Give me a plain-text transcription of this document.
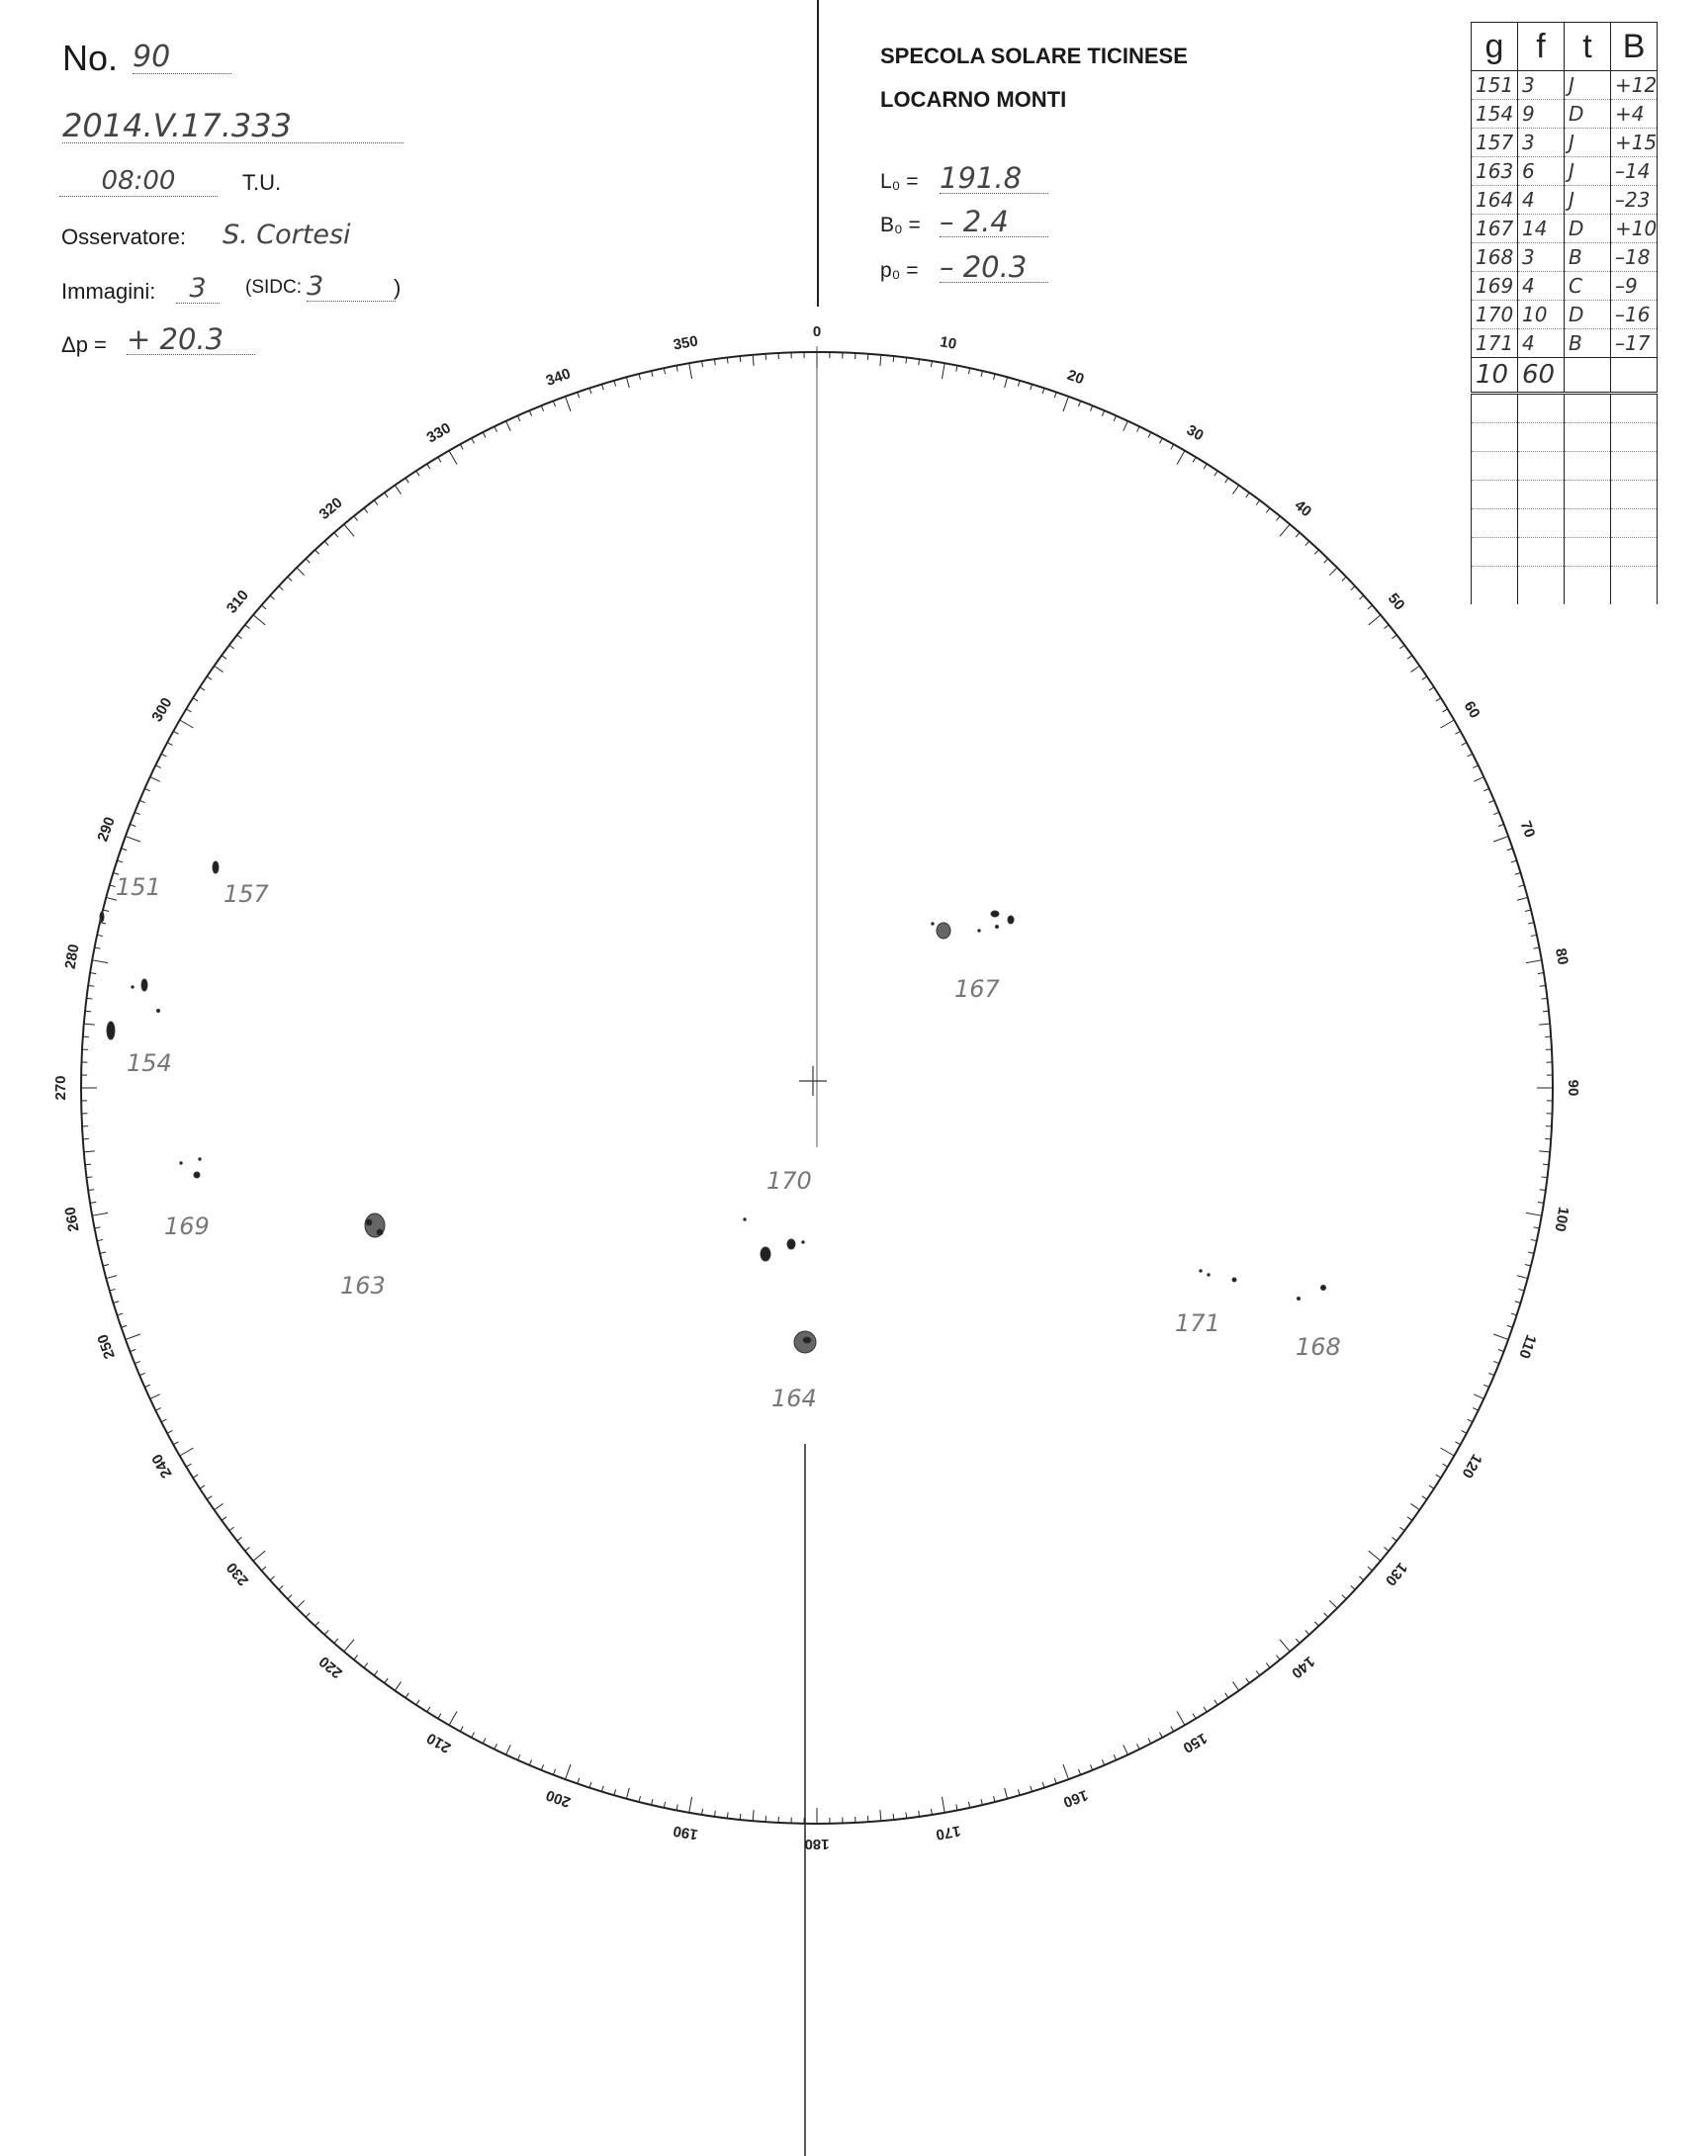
No. 90
2014.V.17.333
08:00	T.U.
Osservatore: S. Cortesi
Immagini:	3	(SIDC: 3	)
Δp = + 20.3
SPECOLA SOLARE TICINESE
LOCARNO MONTI
L₀ = 191.8
B₀ = – 2.4
p₀ = – 20.3
g	f	t	B
151	3	J	+12
154	9	D	+4
157	3	J	+15
163	6	J	–14
164	4	J	–23
167	14	D	+10
168	3	B	–18
169	4	C	–9
170	10	D	–16
171	4	B	–17
10	60		

0
10
20
30
40
50
60
70
80
90
100
110
120
130
140
150
160
170
180
190
200
210
220
230
240
250
260
270
280
290
300
310
320
330
340
350
151
154
157
163
164
167
168
169
170
171
